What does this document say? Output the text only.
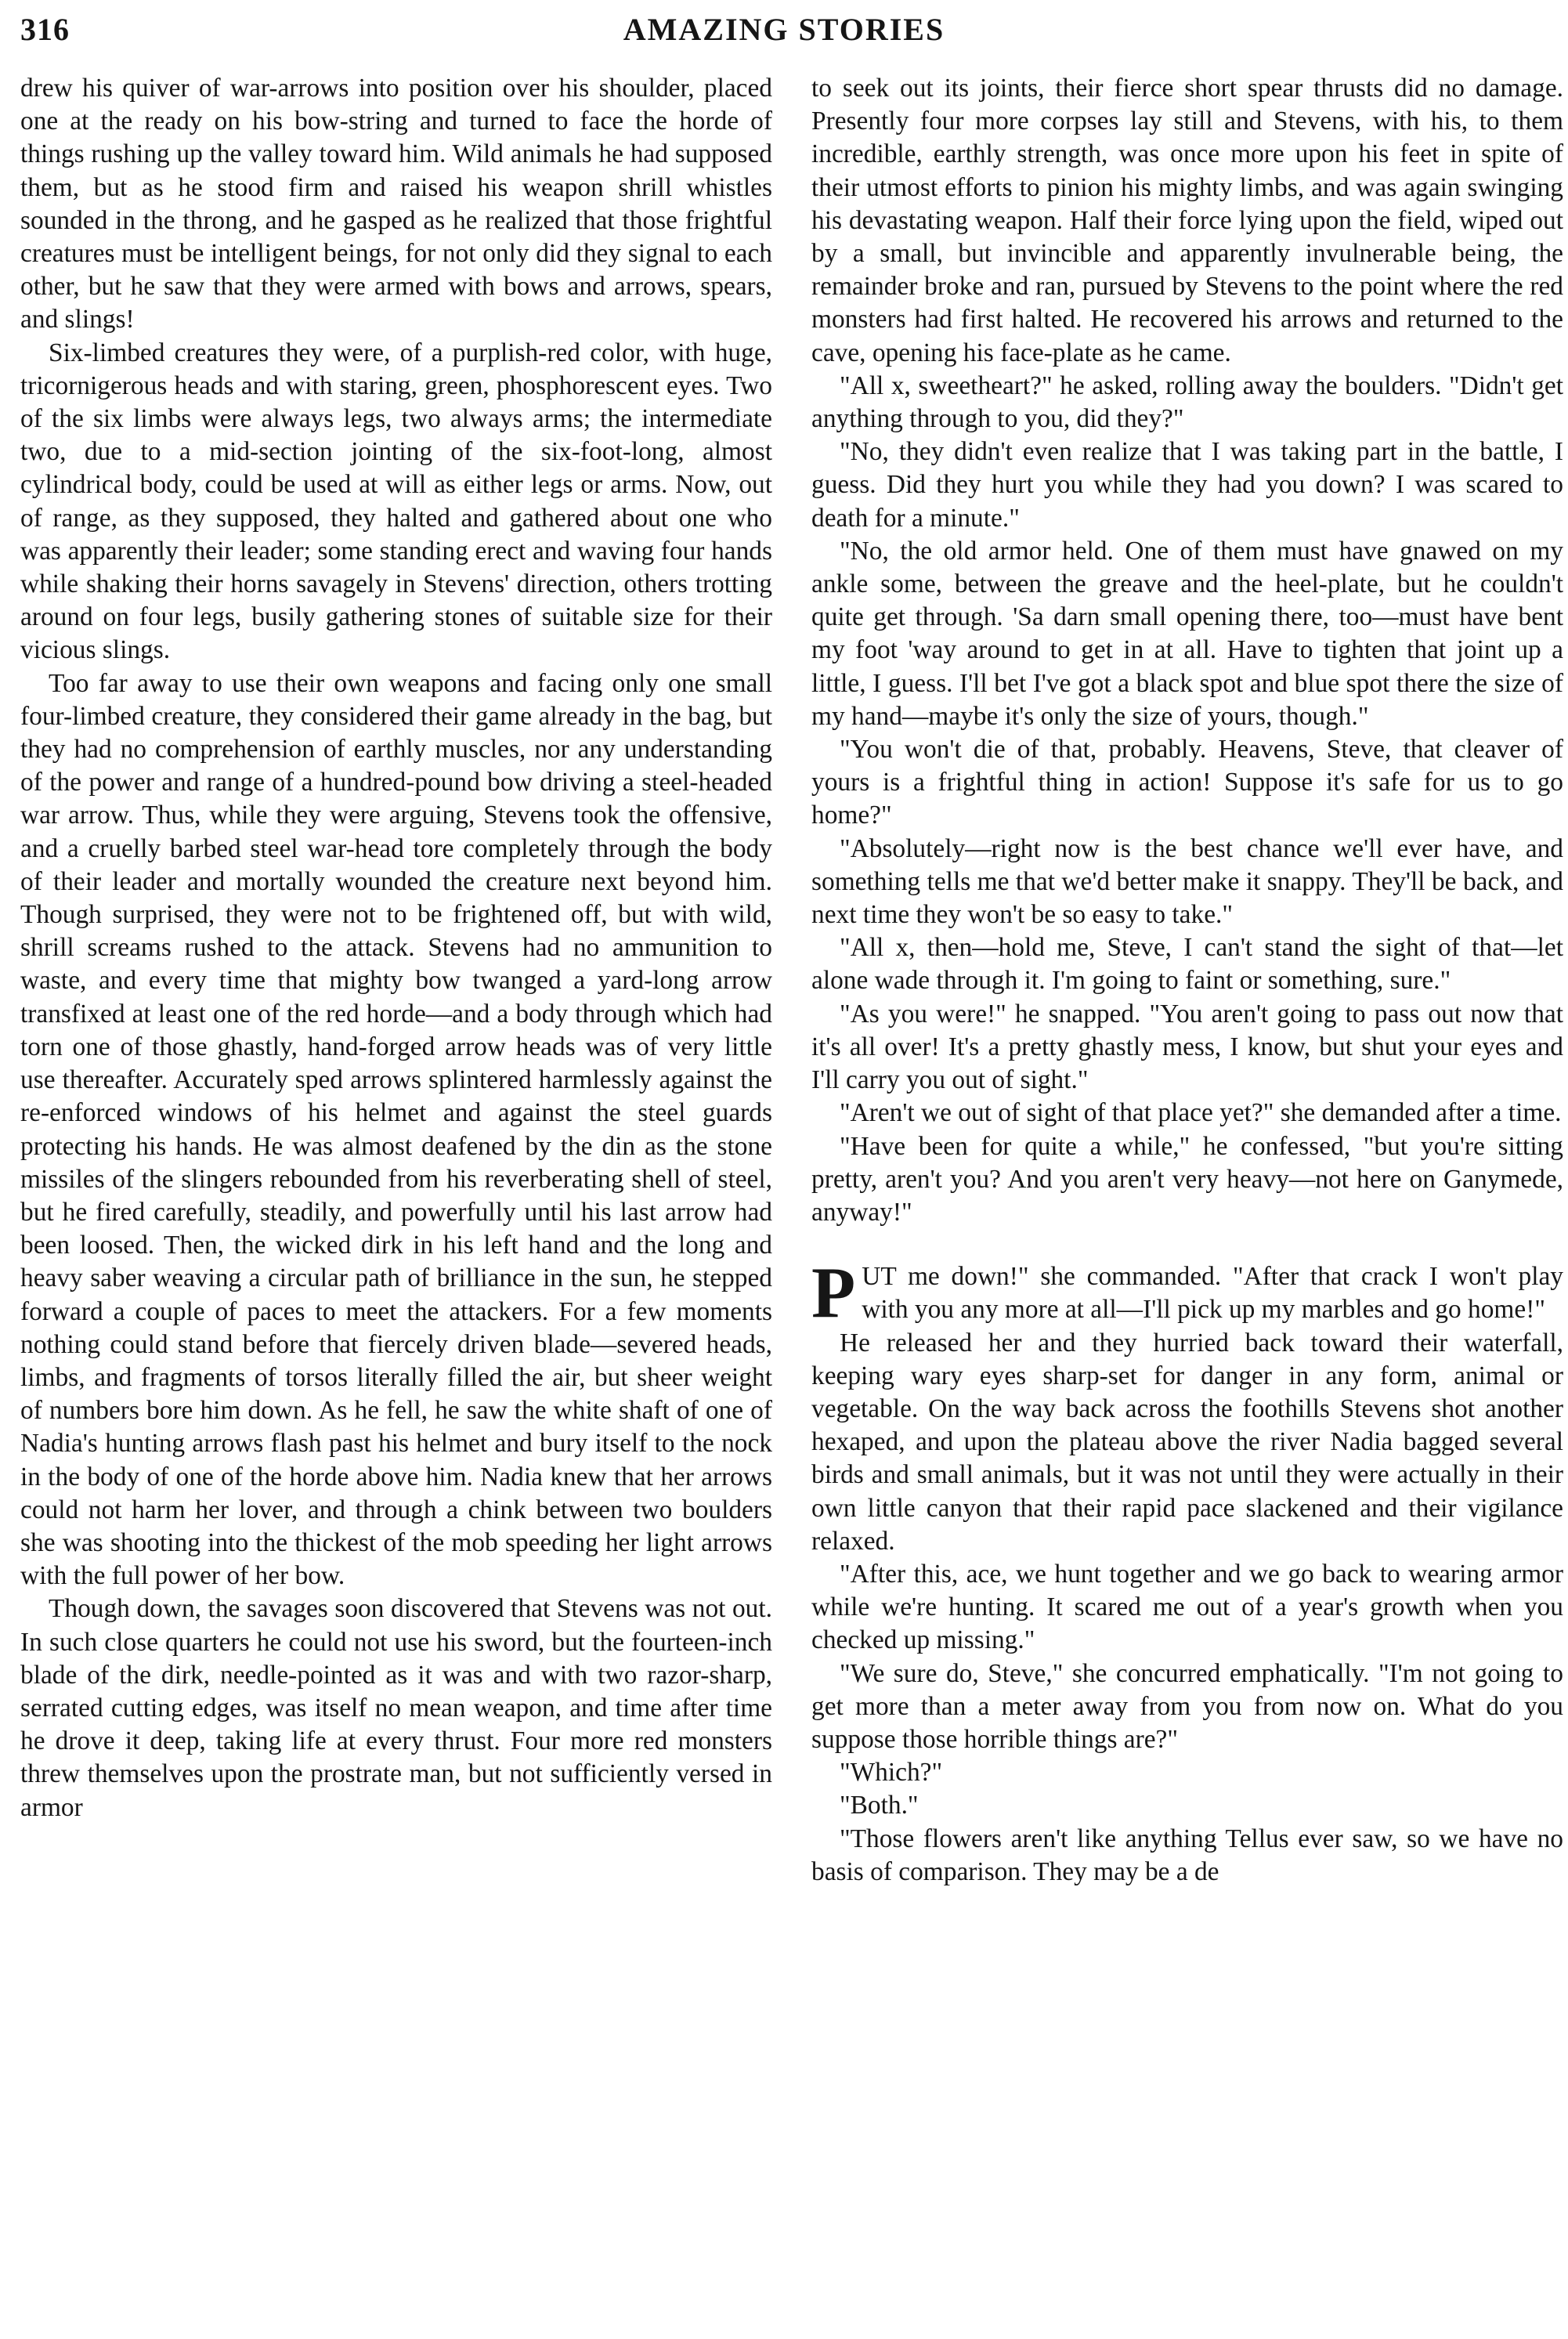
316	AMAZING STORIES

drew his quiver of war-arrows into position over his shoulder, placed one at the ready on his bow-string and turned to face the horde of things rushing up the valley toward him. Wild animals he had supposed them, but as he stood firm and raised his weapon shrill whistles sounded in the throng, and he gasped as he realized that those frightful creatures must be intelligent beings, for not only did they signal to each other, but he saw that they were armed with bows and arrows, spears, and slings!

Six-limbed creatures they were, of a purplish-red color, with huge, tricornigerous heads and with staring, green, phosphorescent eyes. Two of the six limbs were always legs, two always arms; the intermediate two, due to a mid-section jointing of the six-foot-long, almost cylindrical body, could be used at will as either legs or arms. Now, out of range, as they supposed, they halted and gathered about one who was apparently their leader; some standing erect and waving four hands while shaking their horns savagely in Stevens' direction, others trotting around on four legs, busily gathering stones of suitable size for their vicious slings.

Too far away to use their own weapons and facing only one small four-limbed creature, they considered their game already in the bag, but they had no comprehension of earthly muscles, nor any understanding of the power and range of a hundred-pound bow driving a steel-headed war arrow. Thus, while they were arguing, Stevens took the offensive, and a cruelly barbed steel war-head tore completely through the body of their leader and mortally wounded the creature next beyond him. Though surprised, they were not to be frightened off, but with wild, shrill screams rushed to the attack. Stevens had no ammunition to waste, and every time that mighty bow twanged a yard-long arrow transfixed at least one of the red horde—and a body through which had torn one of those ghastly, hand-forged arrow heads was of very little use thereafter. Accurately sped arrows splintered harmlessly against the re-enforced windows of his helmet and against the steel guards protecting his hands. He was almost deafened by the din as the stone missiles of the slingers rebounded from his reverberating shell of steel, but he fired carefully, steadily, and powerfully until his last arrow had been loosed. Then, the wicked dirk in his left hand and the long and heavy saber weaving a circular path of brilliance in the sun, he stepped forward a couple of paces to meet the attackers. For a few moments nothing could stand before that fiercely driven blade—severed heads, limbs, and fragments of torsos literally filled the air, but sheer weight of numbers bore him down. As he fell, he saw the white shaft of one of Nadia's hunting arrows flash past his helmet and bury itself to the nock in the body of one of the horde above him. Nadia knew that her arrows could not harm her lover, and through a chink between two boulders she was shooting into the thickest of the mob speeding her light arrows with the full power of her bow.

Though down, the savages soon discovered that Stevens was not out. In such close quarters he could not use his sword, but the fourteen-inch blade of the dirk, needle-pointed as it was and with two razor-sharp, serrated cutting edges, was itself no mean weapon, and time after time he drove it deep, taking life at every thrust. Four more red monsters threw themselves upon the prostrate man, but not sufficiently versed in armor

to seek out its joints, their fierce short spear thrusts did no damage. Presently four more corpses lay still and Stevens, with his, to them incredible, earthly strength, was once more upon his feet in spite of their utmost efforts to pinion his mighty limbs, and was again swinging his devastating weapon. Half their force lying upon the field, wiped out by a small, but invincible and apparently invulnerable being, the remainder broke and ran, pursued by Stevens to the point where the red monsters had first halted. He recovered his arrows and returned to the cave, opening his face-plate as he came.

"All x, sweetheart?" he asked, rolling away the boulders. "Didn't get anything through to you, did they?"

"No, they didn't even realize that I was taking part in the battle, I guess. Did they hurt you while they had you down? I was scared to death for a minute."

"No, the old armor held. One of them must have gnawed on my ankle some, between the greave and the heel-plate, but he couldn't quite get through. 'Sa darn small opening there, too—must have bent my foot 'way around to get in at all. Have to tighten that joint up a little, I guess. I'll bet I've got a black spot and blue spot there the size of my hand—maybe it's only the size of yours, though."

"You won't die of that, probably. Heavens, Steve, that cleaver of yours is a frightful thing in action! Suppose it's safe for us to go home?"

"Absolutely—right now is the best chance we'll ever have, and something tells me that we'd better make it snappy. They'll be back, and next time they won't be so easy to take."

"All x, then—hold me, Steve, I can't stand the sight of that—let alone wade through it. I'm going to faint or something, sure."

"As you were!" he snapped. "You aren't going to pass out now that it's all over! It's a pretty ghastly mess, I know, but shut your eyes and I'll carry you out of sight."

"Aren't we out of sight of that place yet?" she demanded after a time.

"Have been for quite a while," he confessed, "but you're sitting pretty, aren't you? And you aren't very heavy—not here on Ganymede, anyway!"

PUT me down!" she commanded. "After that crack I won't play with you any more at all—I'll pick up my marbles and go home!"

He released her and they hurried back toward their waterfall, keeping wary eyes sharp-set for danger in any form, animal or vegetable. On the way back across the foothills Stevens shot another hexaped, and upon the plateau above the river Nadia bagged several birds and small animals, but it was not until they were actually in their own little canyon that their rapid pace slackened and their vigilance relaxed.

"After this, ace, we hunt together and we go back to wearing armor while we're hunting. It scared me out of a year's growth when you checked up missing."

"We sure do, Steve," she concurred emphatically. "I'm not going to get more than a meter away from you from now on. What do you suppose those horrible things are?"

"Which?"

"Both."

"Those flowers aren't like anything Tellus ever saw, so we have no basis of comparison. They may be a de
